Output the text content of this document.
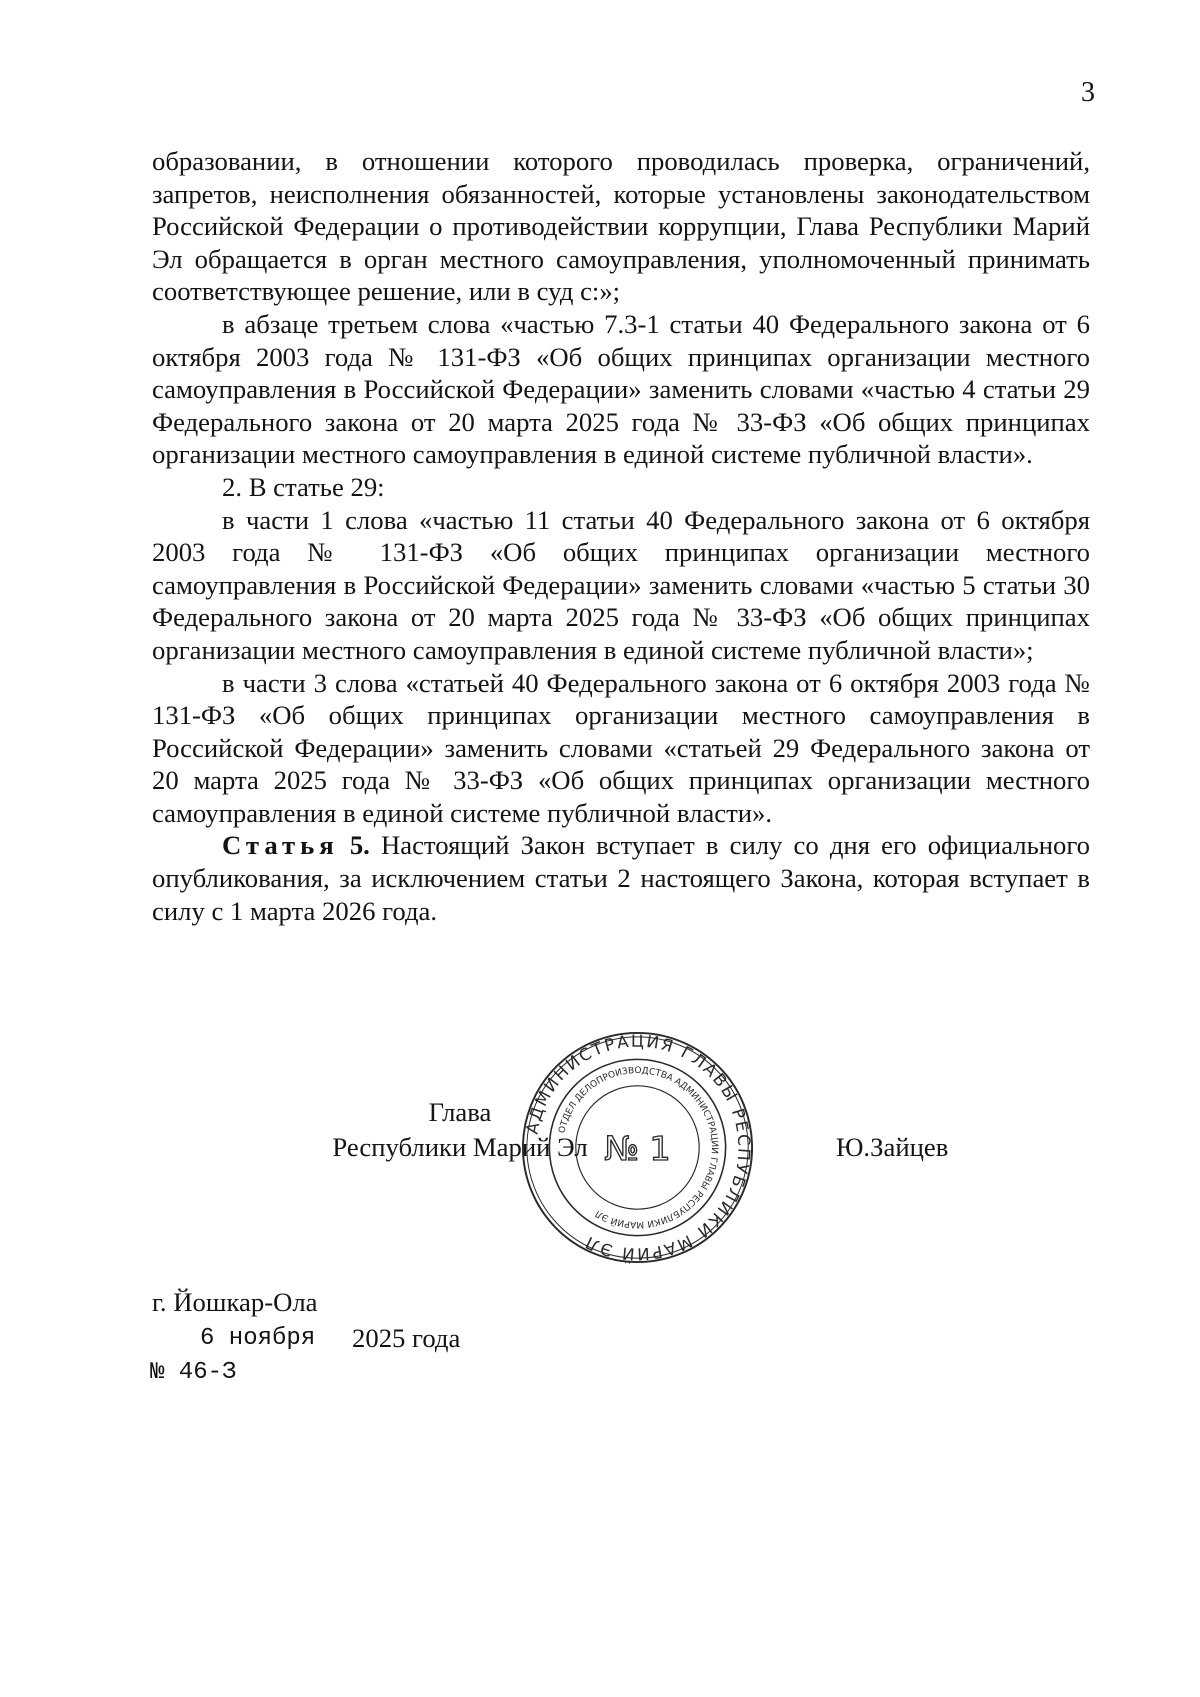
3

образовании, в отношении которого проводилась проверка, ограничений, запретов, неисполнения обязанностей, которые установлены законодательством Российской Федерации о противодействии коррупции, Глава Республики Марий Эл обращается в орган местного самоуправления, уполномоченный принимать соответствующее решение, или в суд с:»;

в абзаце третьем слова «частью 7.3-1 статьи 40 Федерального закона от 6 октября 2003 года № 131-ФЗ «Об общих принципах организации местного самоуправления в Российской Федерации» заменить словами «частью 4 статьи 29 Федерального закона от 20 марта 2025 года № 33-ФЗ «Об общих принципах организации местного самоуправления в единой системе публичной власти».

2. В статье 29:

в части 1 слова «частью 11 статьи 40 Федерального закона от 6 октября 2003 года № 131-ФЗ «Об общих принципах организации местного самоуправления в Российской Федерации» заменить словами «частью 5 статьи 30 Федерального закона от 20 марта 2025 года № 33-ФЗ «Об общих принципах организации местного самоуправления в единой системе публичной власти»;

в части 3 слова «статьей 40 Федерального закона от 6 октября 2003 года № 131-ФЗ «Об общих принципах организации местного самоуправления в Российской Федерации» заменить словами «статьей 29 Федерального закона от 20 марта 2025 года № 33-ФЗ «Об общих принципах организации местного самоуправления в единой системе публичной власти».

Статья 5. Настоящий Закон вступает в силу со дня его официального опубликования, за исключением статьи 2 настоящего Закона, которая вступает в силу с 1 марта 2026 года.

Глава
Республики Марий Эл
АДМИНИСТРАЦИЯ ГЛАВЫ РЕСПУБЛИКИ МАРИЙ ЭЛ
ОТДЕЛ ДЕЛОПРОИЗВОДСТВА АДМИНИСТРАЦИИ ГЛАВЫ РЕСПУБЛИКИ МАРИЙ ЭЛ
№ 1	Ю.Зайцев
г. Йошкар-Ола
6 ноября 2025 года
№ 46-З
